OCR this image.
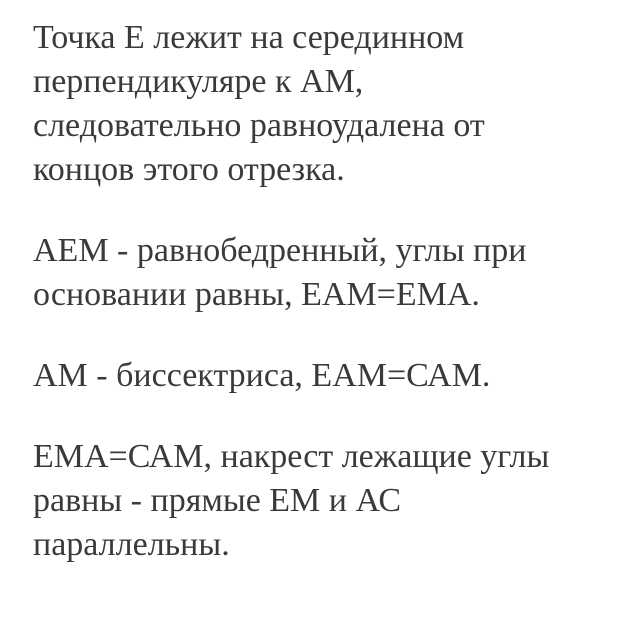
Точка Е лежит на серединном
перпендикуляре к АМ,
следовательно равноудалена от
концов этого отрезка.

АЕМ - равнобедренный, углы при
основании равны, ЕАМ=ЕМА.

АМ - биссектриса, ЕАМ=САМ.

ЕМА=САМ, накрест лежащие углы
равны - прямые ЕМ и АС
параллельны.
